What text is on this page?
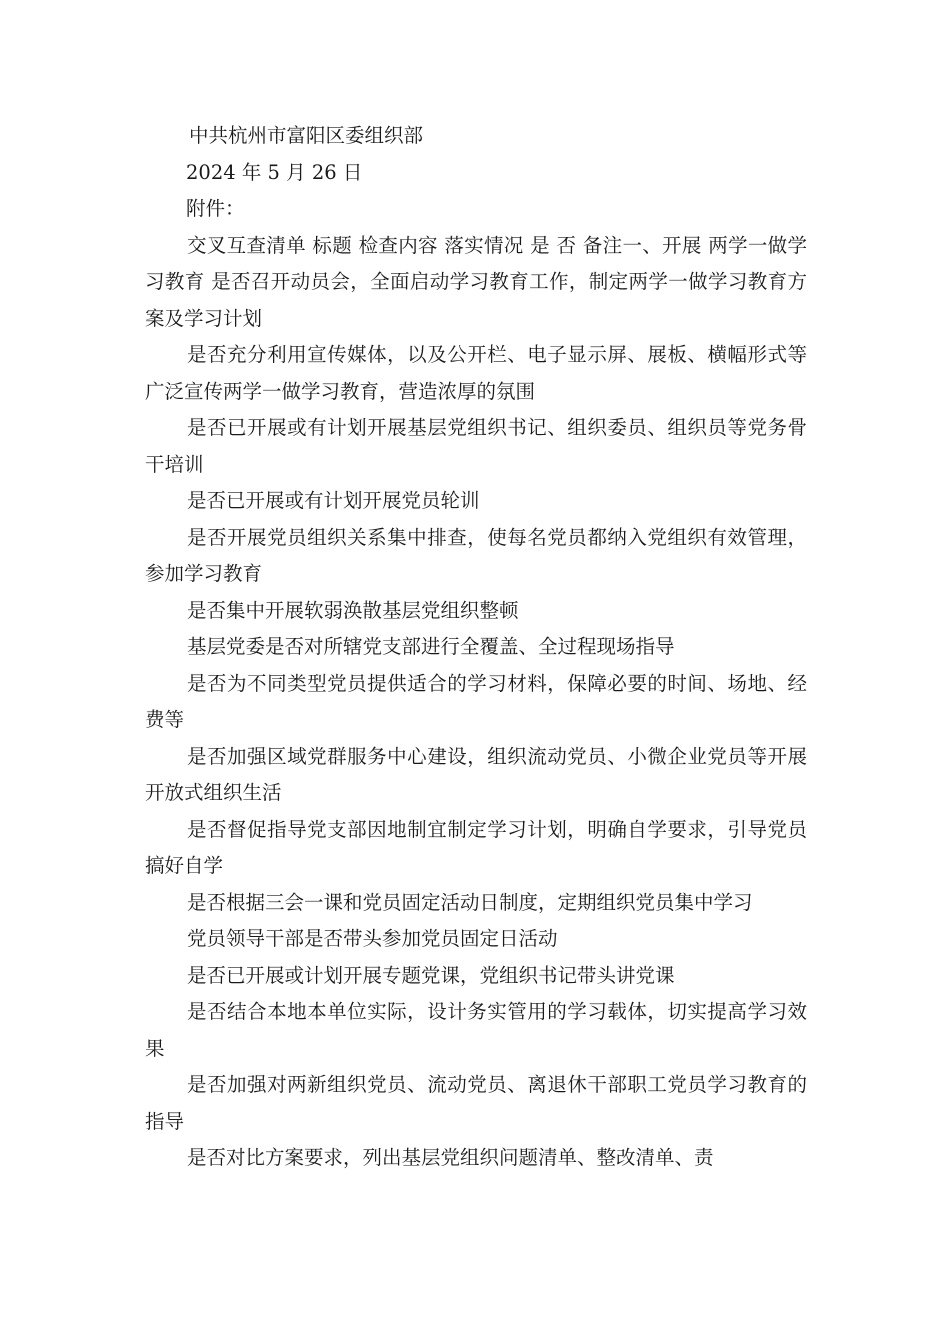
中共杭州市富阳区委组织部

2024 年 5 月 26 日

附件：

交叉互查清单 标题 检查内容 落实情况 是 否 备注一、开展 两学一做学习教育 是否召开动员会，全面启动学习教育工作，制定两学一做学习教育方案及学习计划

是否充分利用宣传媒体，以及公开栏、电子显示屏、展板、横幅形式等广泛宣传两学一做学习教育，营造浓厚的氛围

是否已开展或有计划开展基层党组织书记、组织委员、组织员等党务骨干培训

是否已开展或有计划开展党员轮训

是否开展党员组织关系集中排查，使每名党员都纳入党组织有效管理，参加学习教育

是否集中开展软弱涣散基层党组织整顿

基层党委是否对所辖党支部进行全覆盖、全过程现场指导

是否为不同类型党员提供适合的学习材料，保障必要的时间、场地、经费等

是否加强区域党群服务中心建设，组织流动党员、小微企业党员等开展开放式组织生活

是否督促指导党支部因地制宜制定学习计划，明确自学要求，引导党员搞好自学

是否根据三会一课和党员固定活动日制度，定期组织党员集中学习

党员领导干部是否带头参加党员固定日活动

是否已开展或计划开展专题党课，党组织书记带头讲党课

是否结合本地本单位实际，设计务实管用的学习载体，切实提高学习效果

是否加强对两新组织党员、流动党员、离退休干部职工党员学习教育的指导

是否对比方案要求，列出基层党组织问题清单、整改清单、责
